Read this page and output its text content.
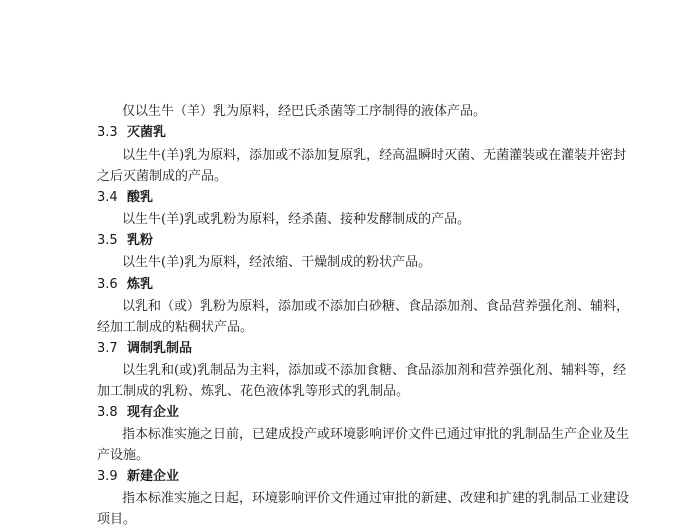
仅以生牛（羊）乳为原料，经巴氏杀菌等工序制得的液体产品。
3.3 灭菌乳
以生牛(羊)乳为原料，添加或不添加复原乳，经高温瞬时灭菌、无菌灌装或在灌装并密封
之后灭菌制成的产品。
3.4 酸乳
以生牛(羊)乳或乳粉为原料，经杀菌、接种发酵制成的产品。
3.5 乳粉
以生牛(羊)乳为原料，经浓缩、干燥制成的粉状产品。
3.6 炼乳
以乳和（或）乳粉为原料，添加或不添加白砂糖、食品添加剂、食品营养强化剂、辅料，
经加工制成的粘稠状产品。
3.7 调制乳制品
以生乳和(或)乳制品为主料，添加或不添加食糖、食品添加剂和营养强化剂、辅料等，经
加工制成的乳粉、炼乳、花色液体乳等形式的乳制品。
3.8 现有企业
指本标准实施之日前，已建成投产或环境影响评价文件已通过审批的乳制品生产企业及生
产设施。
3.9 新建企业
指本标准实施之日起，环境影响评价文件通过审批的新建、改建和扩建的乳制品工业建设
项目。
